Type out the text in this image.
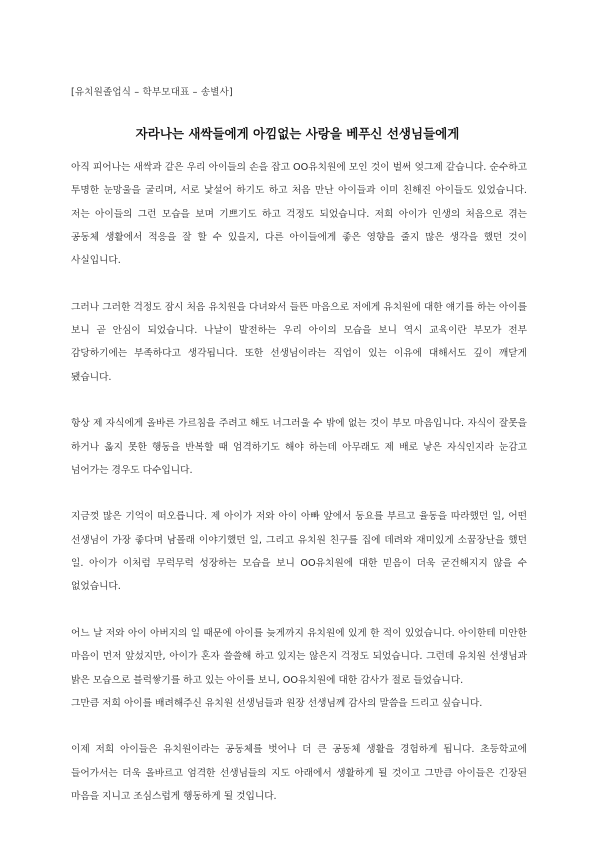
[유치원졸업식 – 학부모대표 – 송별사]
자라나는 새싹들에게 아낌없는 사랑을 베푸신 선생님들에게

아직 피어나는 새싹과 같은 우리 아이들의 손을 잡고 OO유치원에 모인 것이 벌써 엊그제 같습니다. 순수하고 투명한 눈망울을 굴리며, 서로 낯설어 하기도 하고 처음 만난 아이들과 이미 친해진 아이들도 있었습니다. 저는 아이들의 그런 모습을 보며 기쁘기도 하고 걱정도 되었습니다. 저희 아이가 인생의 처음으로 겪는 공동체 생활에서 적응을 잘 할 수 있을지, 다른 아이들에게 좋은 영향을 줄지 많은 생각을 했던 것이 사실입니다.

그러나 그러한 걱정도 잠시 처음 유치원을 다녀와서 들뜬 마음으로 저에게 유치원에 대한 얘기를 하는 아이를 보니 곧 안심이 되었습니다. 나날이 발전하는 우리 아이의 모습을 보니 역시 교육이란 부모가 전부 감당하기에는 부족하다고 생각됩니다. 또한 선생님이라는 직업이 있는 이유에 대해서도 깊이 깨닫게 됐습니다.

항상 제 자식에게 올바른 가르침을 주려고 해도 너그러울 수 밖에 없는 것이 부모 마음입니다. 자식이 잘못을 하거나 옳지 못한 행동을 반복할 때 엄격하기도 해야 하는데 아무래도 제 배로 낳은 자식인지라 눈감고 넘어가는 경우도 다수입니다.

지금껏 많은 기억이 떠오릅니다. 제 아이가 저와 아이 아빠 앞에서 동요를 부르고 율동을 따라했던 일, 어떤 선생님이 가장 좋다며 남몰래 이야기했던 일, 그리고 유치원 친구를 집에 데려와 재미있게 소꿉장난을 했던 일. 아이가 이처럼 무럭무럭 성장하는 모습을 보니 OO유치원에 대한 믿음이 더욱 굳건해지지 않을 수 없었습니다.

어느 날 저와 아이 아버지의 일 때문에 아이를 늦게까지 유치원에 있게 한 적이 있었습니다. 아이한테 미안한 마음이 먼저 앞섰지만, 아이가 혼자 쓸쓸해 하고 있지는 않은지 걱정도 되었습니다. 그런데 유치원 선생님과 밝은 모습으로 블럭쌓기를 하고 있는 아이를 보니, OO유치원에 대한 감사가 절로 들었습니다.

그만큼 저희 아이를 배려해주신 유치원 선생님들과 원장 선생님께 감사의 말씀을 드리고 싶습니다.

이제 저희 아이들은 유치원이라는 공동체를 벗어나 더 큰 공동체 생활을 경험하게 됩니다. 초등학교에 들어가서는 더욱 올바르고 엄격한 선생님들의 지도 아래에서 생활하게 될 것이고 그만큼 아이들은 긴장된 마음을 지니고 조심스럽게 행동하게 될 것입니다.
